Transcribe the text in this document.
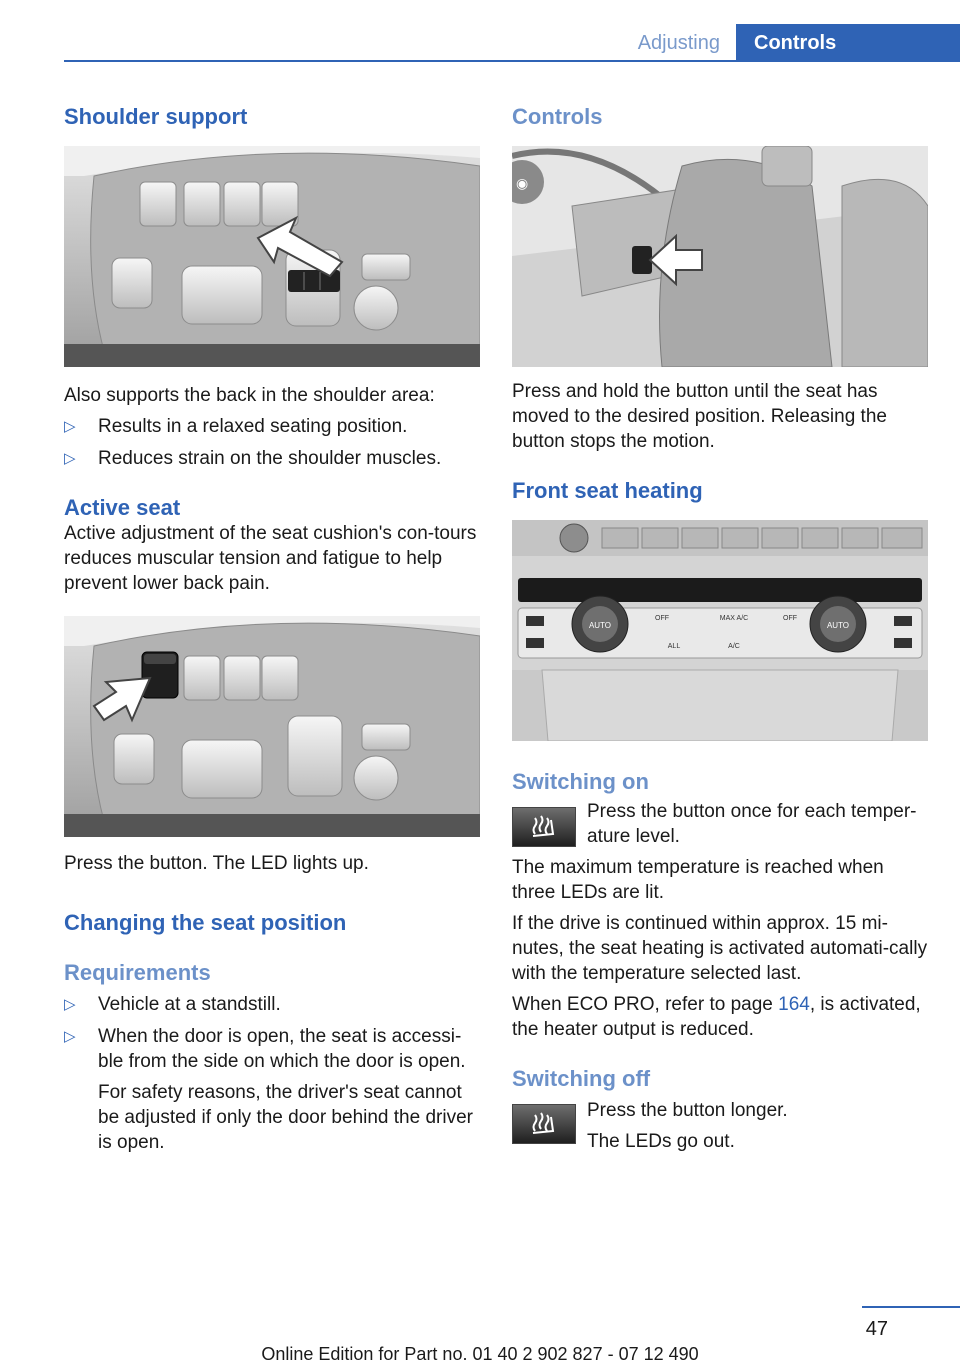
Adjusting	Controls
Shoulder support

Also supports the back in the shoulder area:

▷ Results in a relaxed seating position.
▷ Reduces strain on the shoulder muscles.
Active seat

Active adjustment of the seat cushion's con-tours reduces muscular tension and fatigue to help prevent lower back pain.

Press the button. The LED lights up.

Changing the seat position
Requirements
▷ Vehicle at a standstill.
▷ When the door is open, the seat is accessi-ble from the side on which the door is open.

For safety reasons, the driver's seat cannot be adjusted if only the door behind the driver is open.

Controls
◉

Press and hold the button until the seat has moved to the desired position. Releasing the button stops the motion.

Front seat heating
AUTO	AUTO
OFF	MAX A/C	OFF
ALL	A/C
Switching on

Press the button once for each temper-ature level.

The maximum temperature is reached when three LEDs are lit.

If the drive is continued within approx. 15 mi-nutes, the seat heating is activated automati-cally with the temperature selected last.

When ECO PRO, refer to page 164, is activated, the heater output is reduced.

Switching off

Press the button longer.

The LEDs go out.

47
Online Edition for Part no. 01 40 2 902 827 - 07 12 490
